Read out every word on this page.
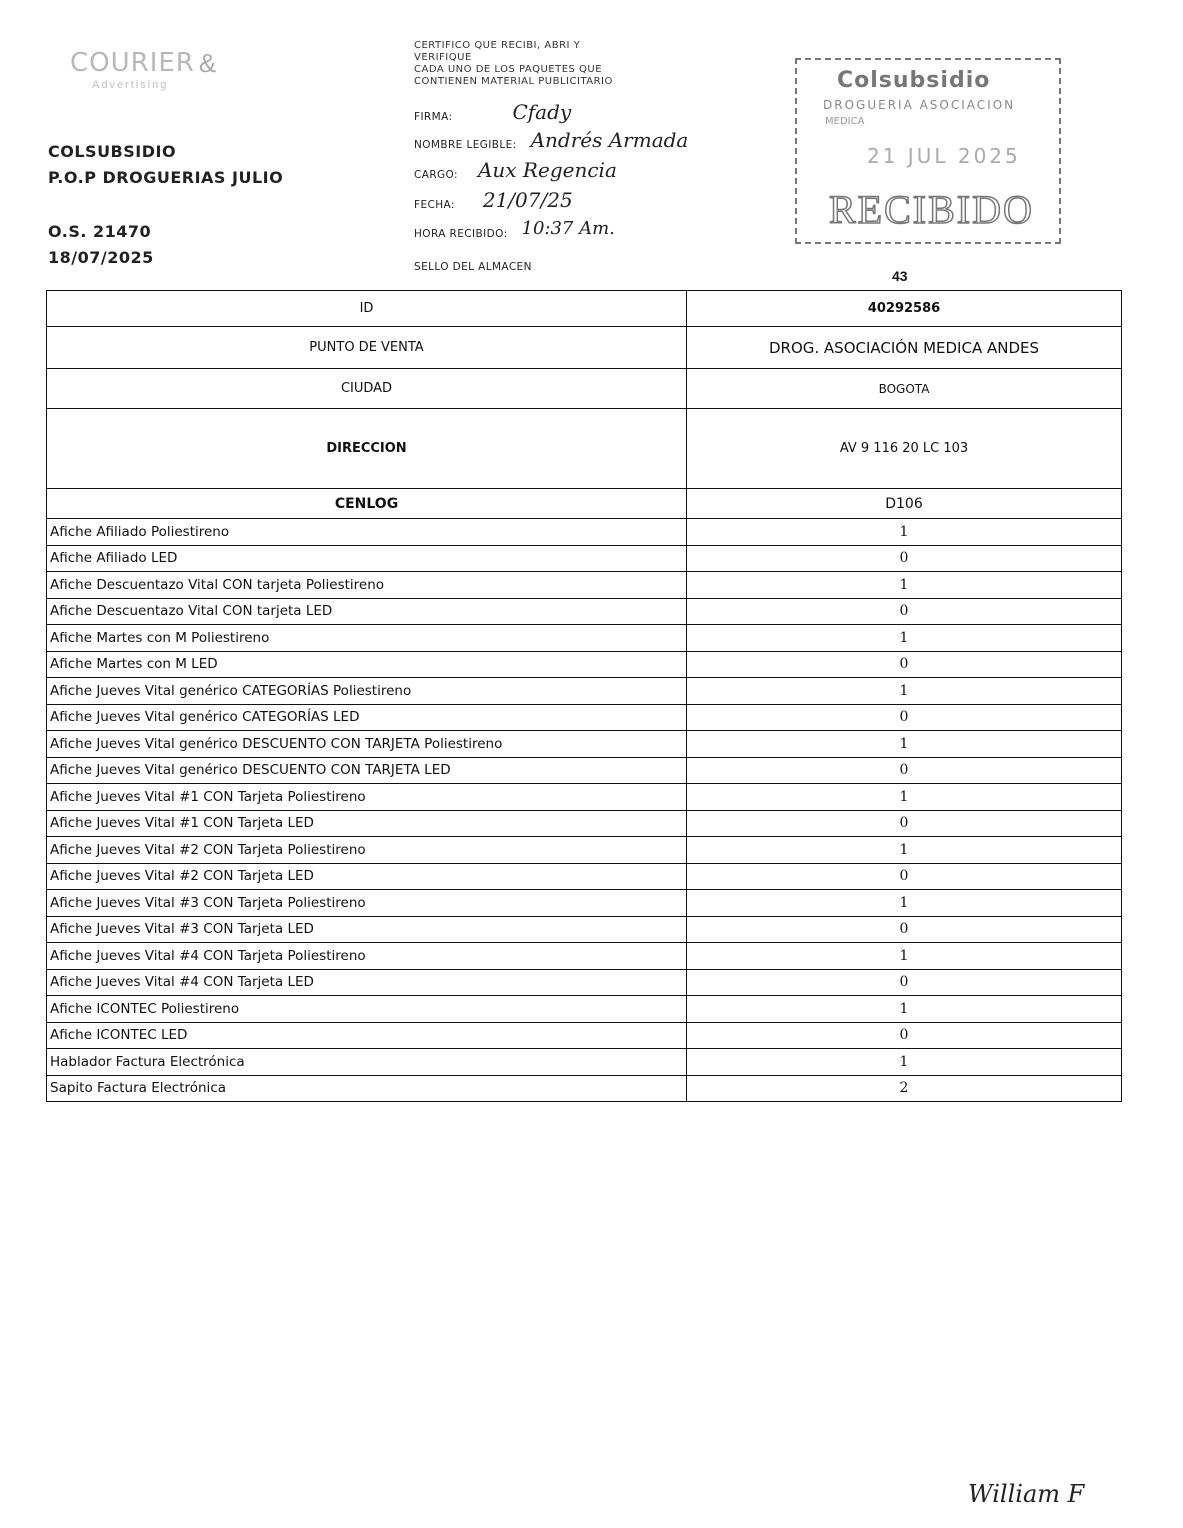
COURIER &
Advertising
COLSUBSIDIO
P.O.P DROGUERIAS JULIO
O.S. 21470
18/07/2025
CERTIFICO QUE RECIBI, ABRI Y
VERIFIQUE
CADA UNO DE LOS PAQUETES QUE
CONTIENEN MATERIAL PUBLICITARIO
FIRMA:	Cfady
NOMBRE LEGIBLE: Andrés Armada
CARGO: Aux Regencia
FECHA: 21/07/25
HORA RECIBIDO: 10:37 Am.
SELLO DEL ALMACEN
Colsubsidio
DROGUERIA ASOCIACION
MEDICA
21 JUL 2025
RECIBIDO
43
ID	40292586
PUNTO DE VENTA	DROG. ASOCIACIÓN MEDICA ANDES
CIUDAD	BOGOTA
DIRECCION	AV 9 116 20 LC 103
CENLOG	D106
Afiche Afiliado Poliestireno	1
Afiche Afiliado LED	0
Afiche Descuentazo Vital CON tarjeta Poliestireno	1
Afiche Descuentazo Vital CON tarjeta LED	0
Afiche Martes con M Poliestireno	1
Afiche Martes con M LED	0
Afiche Jueves Vital genérico CATEGORÍAS Poliestireno	1
Afiche Jueves Vital genérico CATEGORÍAS LED	0
Afiche Jueves Vital genérico DESCUENTO CON TARJETA Poliestireno	1
Afiche Jueves Vital genérico DESCUENTO CON TARJETA LED	0
Afiche Jueves Vital #1 CON Tarjeta Poliestireno	1
Afiche Jueves Vital #1 CON Tarjeta LED	0
Afiche Jueves Vital #2 CON Tarjeta Poliestireno	1
Afiche Jueves Vital #2 CON Tarjeta LED	0
Afiche Jueves Vital #3 CON Tarjeta Poliestireno	1
Afiche Jueves Vital #3 CON Tarjeta LED	0
Afiche Jueves Vital #4 CON Tarjeta Poliestireno	1
Afiche Jueves Vital #4 CON Tarjeta LED	0
Afiche ICONTEC Poliestireno	1
Afiche ICONTEC LED	0
Hablador Factura Electrónica	1
Sapito Factura Electrónica	2
William F
